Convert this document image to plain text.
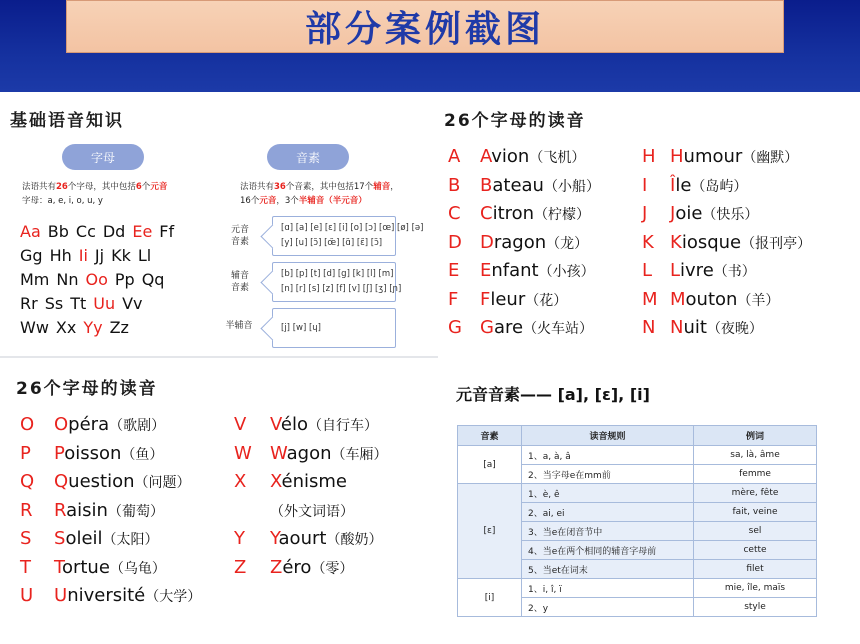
部分案例截图
基础语音知识
字母	音素
法语共有26个字母，其中包括6个元音
字母：a, e, i, o, u, y
法语共有36个音素，其中包括17个辅音，
16个元音，3个半辅音（半元音）
Aa Bb Cc Dd Ee Ff
Gg Hh Ii Jj Kk Ll
Mm Nn Oo Pp Qq
Rr Ss Tt Uu Vv
Ww Xx Yy Zz
元音
音素
[ɑ] [a] [e] [ɛ] [i] [o] [ɔ] [œ] [ø] [ə]
[y] [u] [ɔ̃] [œ̃] [ɑ̃] [ɛ̃] [ɔ̃]
辅音
音素
[b] [p] [t] [d] [g] [k] [l] [m]
[n] [r] [s] [z] [f] [v] [ʃ] [ʒ] [ɲ]
半辅音	[j] [w] [ɥ]
26个字母的读音
A Avion（飞机）
B Bateau（小船）
C Citron（柠檬）
D Dragon（龙）
E Enfant（小孩）
F Fleur（花）
G Gare（火车站）
H Humour（幽默）
I Île（岛屿）
J Joie（快乐）
K Kiosque（报刊亭）
L Livre（书）
M Mouton（羊）
N Nuit（夜晚）
26个字母的读音
O Opéra（歌剧）
P Poisson（鱼）
Q Question（问题）
R Raisin（葡萄）
S Soleil（太阳）
T Tortue（乌龟）
U Université（大学）
V Vélo（自行车）
W Wagon（车厢）
X Xénisme
（外文词语）
Y Yaourt（酸奶）
Z Zéro（零）
元音音素—— [a], [ɛ], [i]
音素	读音规则	例词
[a]	1、a, à, â	sa, là, âme
	2、当字母e在mm前	femme
[ɛ]	1、è, ê	mère, fête
	2、ai, ei	fait, veine
	3、当e在闭音节中	sel
	4、当e在两个相同的辅音字母前	cette
	5、当et在词末	filet
[i]	1、i, î, ï	mie, île, maïs
	2、y	style
